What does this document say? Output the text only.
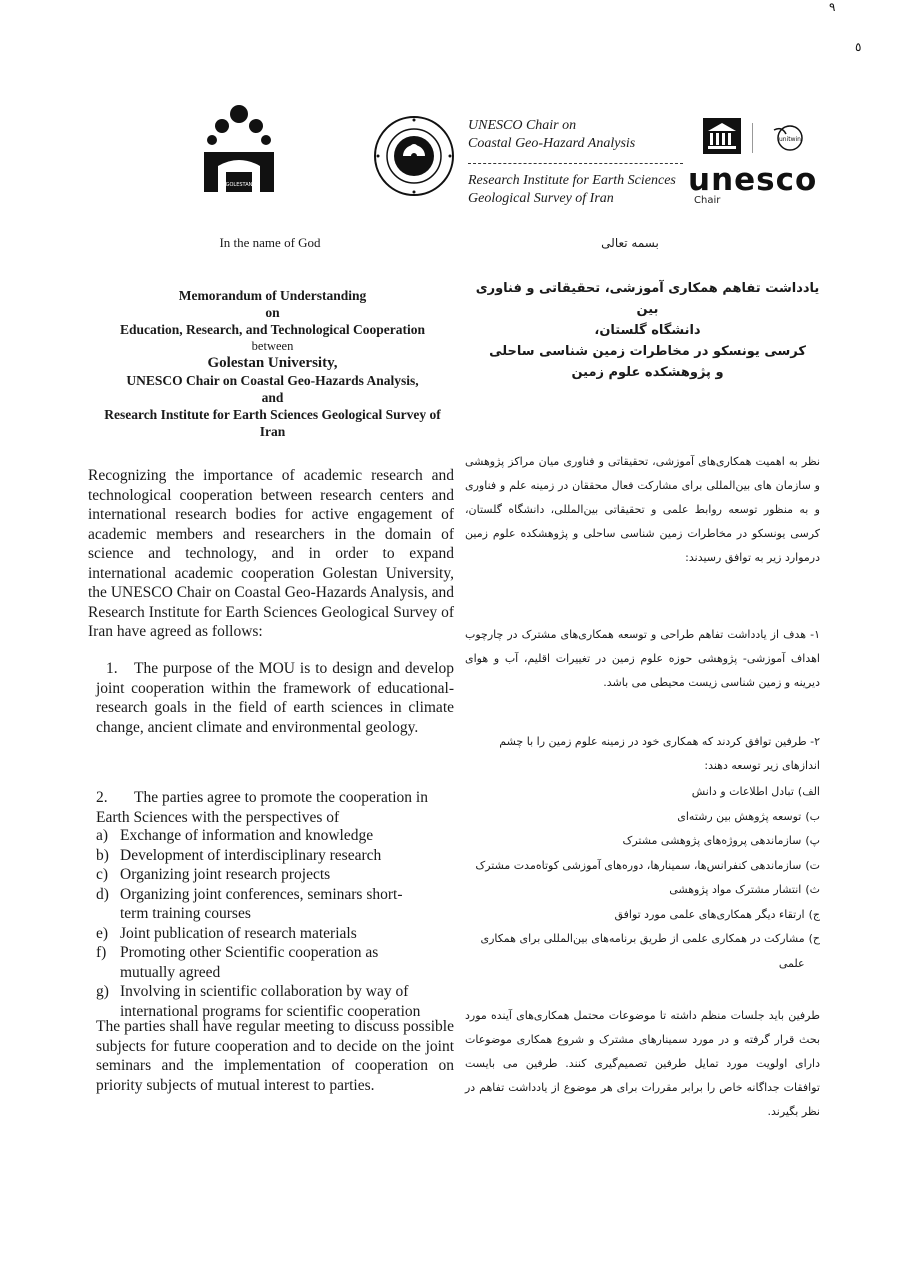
٩
٥
GOLESTAN
UNESCO Chair on
Coastal Geo-Hazard Analysis
Research Institute for Earth Sciences
Geological Survey of Iran
unitwin
unesco
Chair
In the name of God
Memorandum of Understanding
on
Education, Research, and Technological Cooperation
between
Golestan University,
UNESCO Chair on Coastal Geo-Hazards Analysis,
and
Research Institute for Earth Sciences Geological Survey of Iran
Recognizing the importance of academic research and technological cooperation between research centers and international research bodies for active engagement of academic members and researchers in the domain of science and technology, and in order to expand international academic cooperation Golestan University, the UNESCO Chair on Coastal Geo-Hazards Analysis, and Research Institute for Earth Sciences Geological Survey of Iran have agreed as follows:
1. The purpose of the MOU is to design and develop joint cooperation within the framework of educational-research goals in the field of earth sciences in climate change, ancient climate and environmental geology.
2. The parties agree to promote the cooperation in Earth Sciences with the perspectives of
a) Exchange of information and knowledge
b) Development of interdisciplinary research
c) Organizing joint research projects
d) Organizing joint conferences, seminars short-term training courses
e) Joint publication of research materials
f) Promoting other Scientific cooperation as mutually agreed
g) Involving in scientific collaboration by way of international programs for scientific cooperation
The parties shall have regular meeting to discuss possible subjects for future cooperation and to decide on the joint seminars and the implementation of cooperation on priority subjects of mutual interest to parties.
بسمه تعالی
یادداشت تفاهم همکاری آموزشی، تحقیقاتی و فناوری
بین
دانشگاه گلستان،
کرسی یونسکو در مخاطرات زمین شناسی ساحلی
و پژوهشکده علوم زمین
نظر به اهمیت همکاری‌های آموزشی، تحقیقاتی و فناوری میان مراکز پژوهشی و سازمان های بین‌المللی برای مشارکت فعال محققان در زمینه علم و فناوری و به منظور توسعه روابط علمی و تحقیقاتی بین‌المللی، دانشگاه گلستان، کرسی یونسکو در مخاطرات زمین شناسی ساحلی و پژوهشکده علوم زمین درموارد زیر به توافق رسیدند:
۱- هدف از یادداشت تفاهم طراحی و توسعه همکاری‌های مشترک در چارچوب اهداف آموزشی- پژوهشی حوزه علوم زمین در تغییرات اقلیم، آب و هوای دیرینه و زمین شناسی زیست محیطی می باشد.
۲- طرفین توافق کردند که همکاری خود در زمینه علوم زمین را با چشم اندازهای زیر توسعه دهند:
الف)
تبادل اطلاعات و دانش
ب)
توسعه پژوهش بین رشته‌ای
پ)
سازماندهی پروژه‌های پژوهشی مشترک
ت)
سازماندهی کنفرانس‌ها، سمینارها، دوره‌های آموزشی کوتاه‌مدت مشترک
ث)
انتشار مشترک مواد پژوهشی
ج)
ارتقاء دیگر همکاری‌های علمی مورد توافق
ح)
مشارکت در همکاری علمی از طریق برنامه‌های بین‌المللی برای همکاری علمی
طرفین باید جلسات منظم داشته تا موضوعات محتمل همکاری‌های آینده مورد بحث قرار گرفته و در مورد سمینارهای مشترک و شروع همکاری موضوعات دارای اولویت مورد تمایل طرفین تصمیم‌گیری کنند. طرفین می بایست توافقات جداگانه خاص را برابر مقررات برای هر موضوع از یادداشت تفاهم در نظر بگیرند.
